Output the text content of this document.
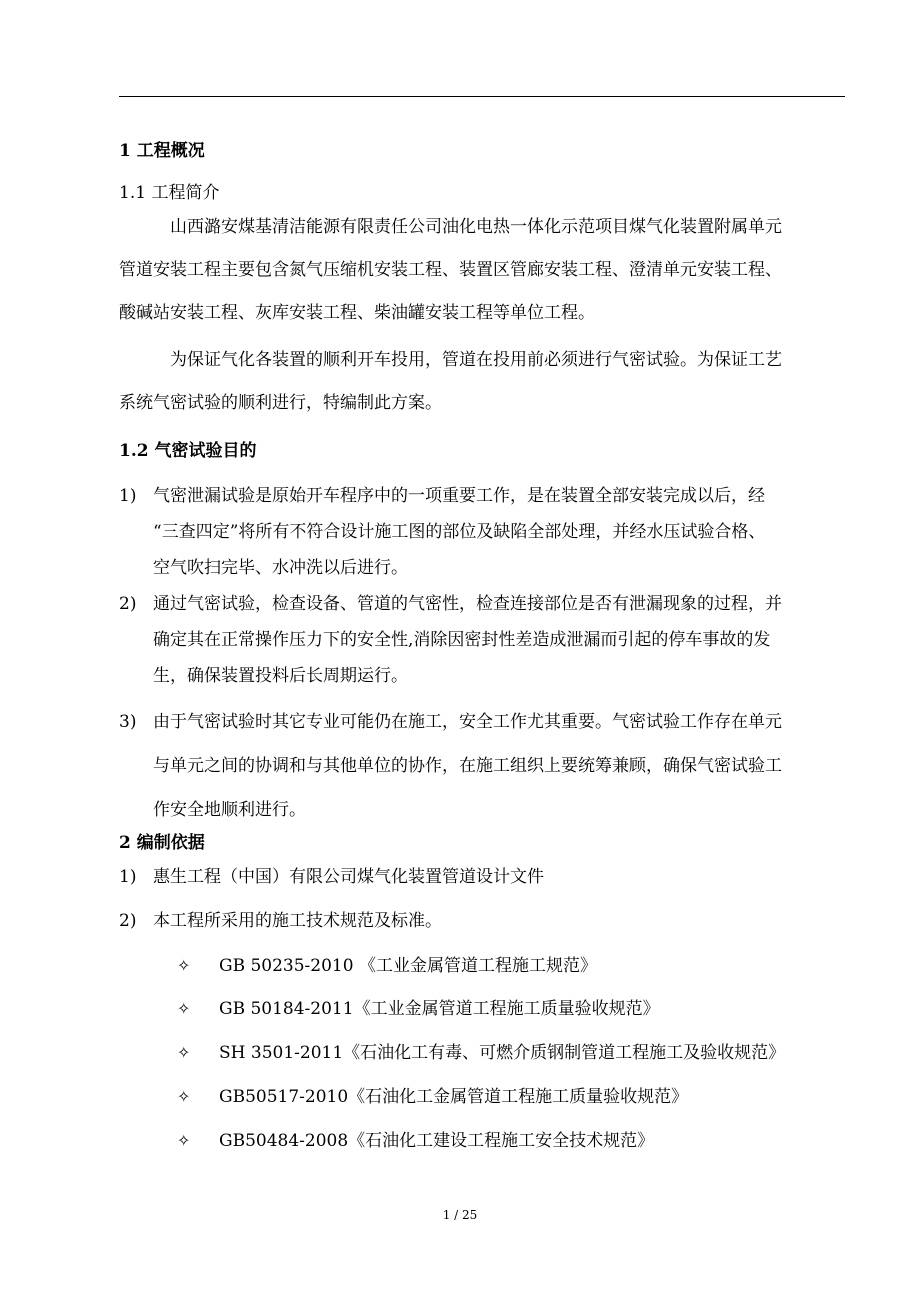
1 工程概况
1.1 工程简介
山西潞安煤基清洁能源有限责任公司油化电热一体化示范项目煤气化装置附属单元
管道安装工程主要包含氮气压缩机安装工程、装置区管廊安装工程、澄清单元安装工程、
酸碱站安装工程、灰库安装工程、柴油罐安装工程等单位工程。
为保证气化各装置的顺利开车投用，管道在投用前必须进行气密试验。为保证工艺
系统气密试验的顺利进行，特编制此方案。
1.2 气密试验目的
1) 气密泄漏试验是原始开车程序中的一项重要工作，是在装置全部安装完成以后，经
“三查四定”将所有不符合设计施工图的部位及缺陷全部处理，并经水压试验合格、
空气吹扫完毕、水冲洗以后进行。
2) 通过气密试验，检查设备、管道的气密性，检查连接部位是否有泄漏现象的过程，并
确定其在正常操作压力下的安全性,消除因密封性差造成泄漏而引起的停车事故的发
生，确保装置投料后长周期运行。
3) 由于气密试验时其它专业可能仍在施工，安全工作尤其重要。气密试验工作存在单元
与单元之间的协调和与其他单位的协作，在施工组织上要统筹兼顾，确保气密试验工
作安全地顺利进行。
2 编制依据
1) 惠生工程（中国）有限公司煤气化装置管道设计文件
2) 本工程所采用的施工技术规范及标准。
✧ GB 50235-2010 《工业金属管道工程施工规范》
✧ GB 50184-2011《工业金属管道工程施工质量验收规范》
✧ SH 3501-2011《石油化工有毒、可燃介质钢制管道工程施工及验收规范》
✧ GB50517-2010《石油化工金属管道工程施工质量验收规范》
✧ GB50484-2008《石油化工建设工程施工安全技术规范》
1 / 25
